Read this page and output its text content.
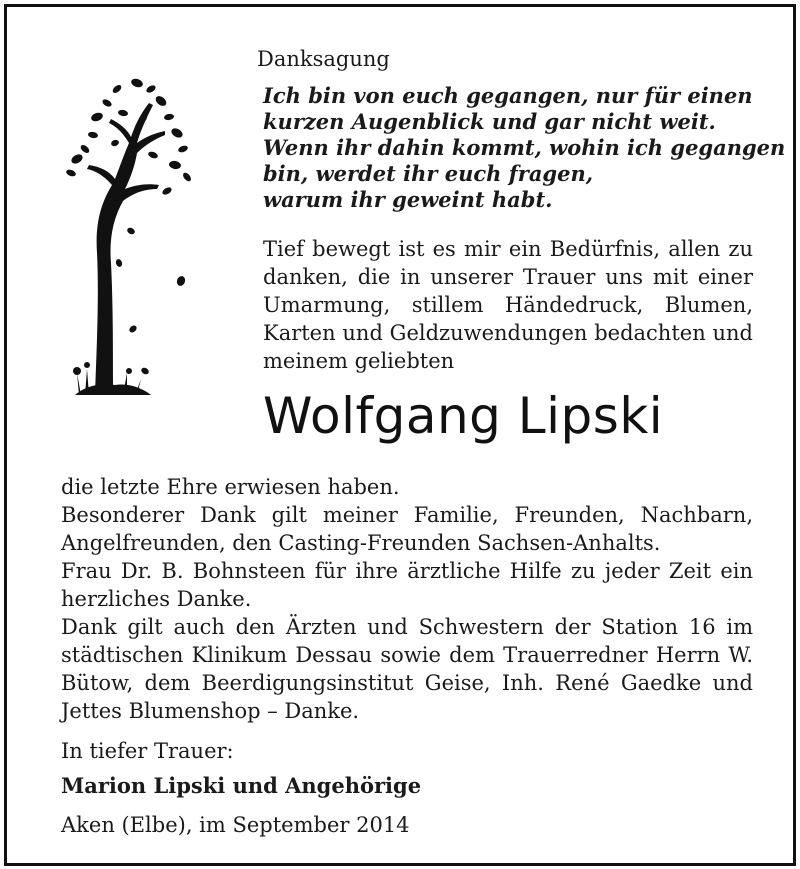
Danksagung
Ich bin von euch gegangen, nur für einen
kurzen Augenblick und gar nicht weit.
Wenn ihr dahin kommt, wohin ich gegangen
bin, werdet ihr euch fragen,
warum ihr geweint habt.
Tief bewegt ist es mir ein Bedürfnis, allen zu danken, die in unserer Trauer uns mit einer Umarmung, stillem Händedruck, Blumen, Karten und Geldzuwendungen bedachten und meinem geliebten
Wolfgang Lipski

die letzte Ehre erwiesen haben.

Besonderer Dank gilt meiner Familie, Freunden, Nachbarn, Angelfreunden, den Casting-Freunden Sachsen-Anhalts.

Frau Dr. B. Bohnsteen für ihre ärztliche Hilfe zu jeder Zeit ein herzliches Danke.

Dank gilt auch den Ärzten und Schwestern der Station 16 im städtischen Klinikum Dessau sowie dem Trauerredner Herrn W. Bütow, dem Beerdigungsinstitut Geise, Inh. René Gaedke und Jettes Blumenshop – Danke.

In tiefer Trauer:
Marion Lipski und Angehörige
Aken (Elbe), im September 2014
